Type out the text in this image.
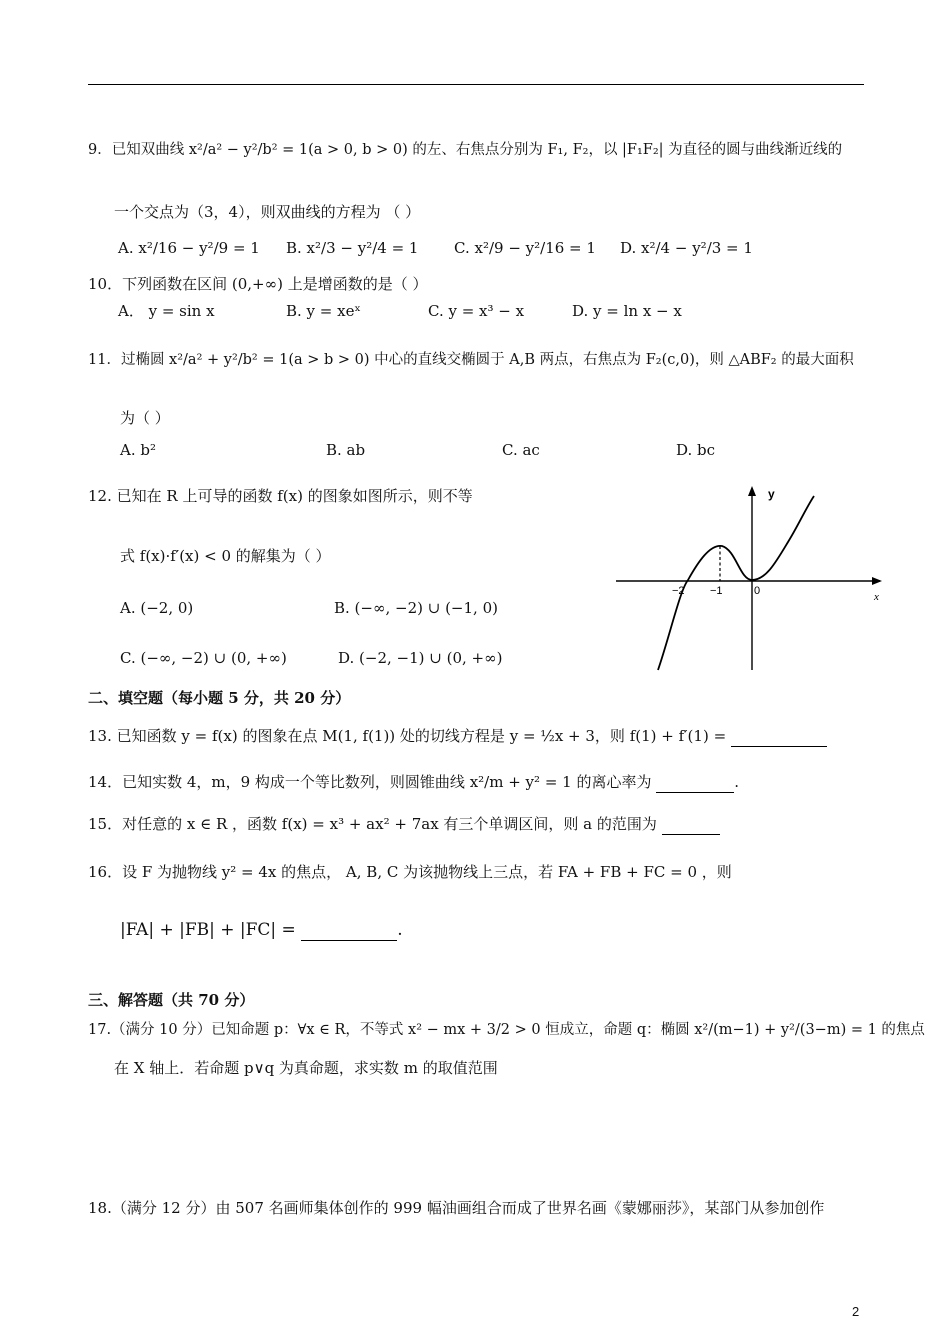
9．已知双曲线 x²/a² − y²/b² = 1(a > 0, b > 0) 的左、右焦点分别为 F₁, F₂，以 |F₁F₂| 为直径的圆与曲线渐近线的
一个交点为（3，4），则双曲线的方程为 （ ）
A. x²/16 − y²/9 = 1 B. x²/3 − y²/4 = 1 C. x²/9 − y²/16 = 1 D. x²/4 − y²/3 = 1
10．下列函数在区间 (0,+∞) 上是增函数的是（ ）
A． y = sin x	B. y = xeˣ	C. y = x³ − x	D. y = ln x − x
11．过椭圆 x²/a² + y²/b² = 1(a > b > 0) 中心的直线交椭圆于 A,B 两点，右焦点为 F₂(c,0)，则 △ABF₂ 的最大面积
为（ ）
A. b²	B. ab	C. ac	D. bc
12. 已知在 R 上可导的函数 f(x) 的图象如图所示，则不等
式 f(x)·f′(x) < 0 的解集为（ ）
A. (−2, 0)	B. (−∞, −2) ∪ (−1, 0)
C. (−∞, −2) ∪ (0, +∞)	D. (−2, −1) ∪ (0, +∞)
y
x
−2 −1	0
二、填空题（每小题 5 分，共 20 分）
13. 已知函数 y = f(x) 的图象在点 M(1, f(1)) 处的切线方程是 y = ½x + 3，则 f(1) + f′(1) =
14．已知实数 4，m，9 构成一个等比数列，则圆锥曲线 x²/m + y² = 1 的离心率为	.
15．对任意的 x ∈ R ，函数 f(x) = x³ + ax² + 7ax 有三个单调区间，则 a 的范围为
16．设 F 为抛物线 y² = 4x 的焦点， A, B, C 为该抛物线上三点，若 FA + FB + FC = 0 ，则
|FA| + |FB| + |FC| =	.
三、解答题（共 70 分）
17.（满分 10 分）已知命题 p：∀x ∈ R，不等式 x² − mx + 3/2 > 0 恒成立，命题 q：椭圆 x²/(m−1) + y²/(3−m) = 1 的焦点
在 X 轴上．若命题 p∨q 为真命题，求实数 m 的取值范围
18.（满分 12 分）由 507 名画师集体创作的 999 幅油画组合而成了世界名画《蒙娜丽莎》，某部门从参加创作
2
